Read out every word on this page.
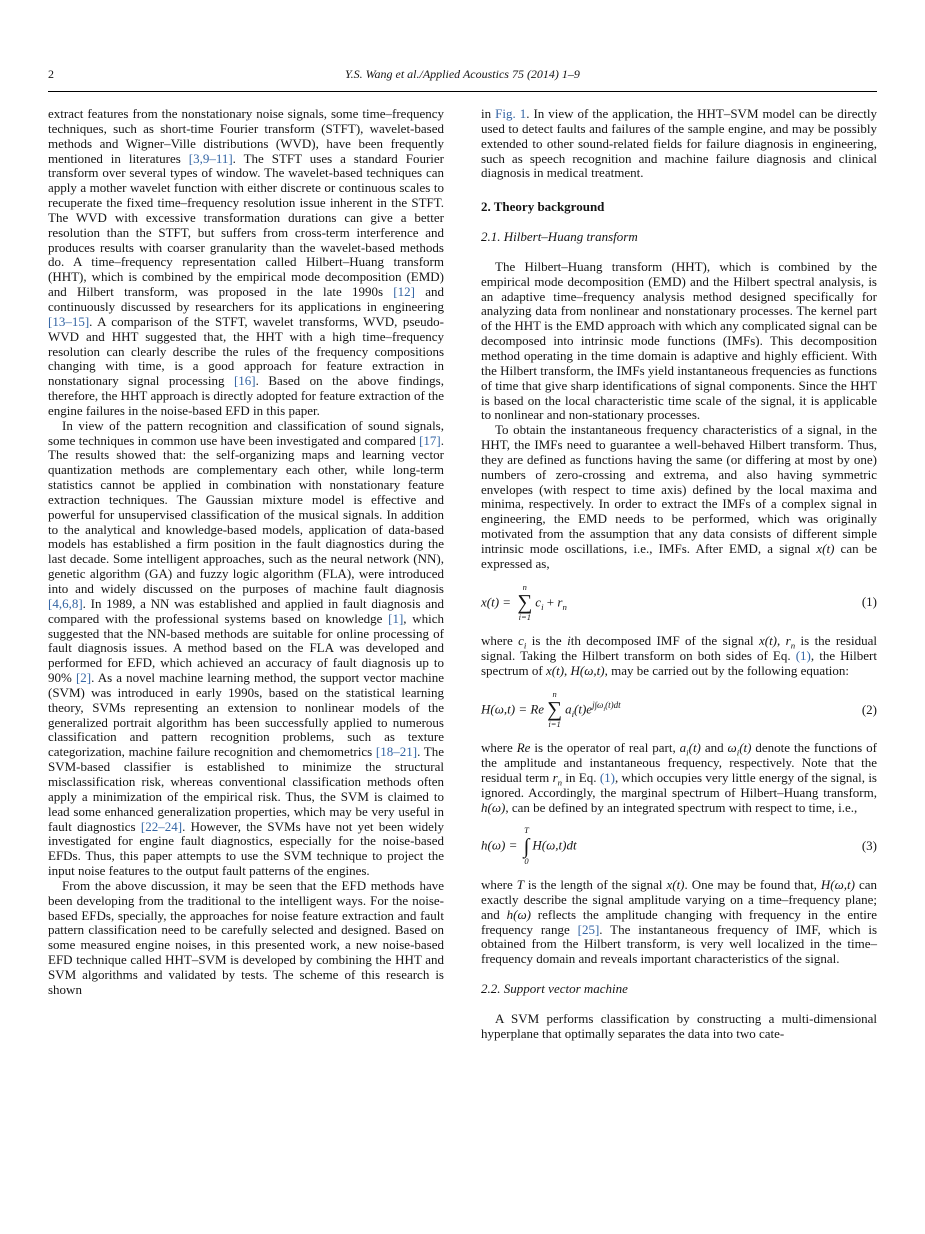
2	Y.S. Wang et al./Applied Acoustics 75 (2014) 1–9

extract features from the nonstationary noise signals, some time–frequency techniques, such as short-time Fourier transform (STFT), wavelet-based methods and Wigner–Ville distributions (WVD), have been frequently mentioned in literatures [3,9–11]. The STFT uses a standard Fourier transform over several types of window. The wavelet-based techniques can apply a mother wavelet function with either discrete or continuous scales to recuperate the fixed time–frequency resolution issue inherent in the STFT. The WVD with excessive transformation durations can give a better resolution than the STFT, but suffers from cross-term interference and produces results with coarser granularity than the wavelet-based methods do. A time–frequency representation called Hilbert–Huang transform (HHT), which is combined by the empirical mode decomposition (EMD) and Hilbert transform, was proposed in the late 1990s [12] and continuously discussed by researchers for its applications in engineering [13–15]. A comparison of the STFT, wavelet transforms, WVD, pseudo-WVD and HHT suggested that, the HHT with a high time–frequency resolution can clearly describe the rules of the frequency compositions changing with time, is a good approach for feature extraction in nonstationary signal processing [16]. Based on the above findings, therefore, the HHT approach is directly adopted for feature extraction of the engine failures in the noise-based EFD in this paper.

In view of the pattern recognition and classification of sound signals, some techniques in common use have been investigated and compared [17]. The results showed that: the self-organizing maps and learning vector quantization methods are complementary each other, while long-term statistics cannot be applied in combination with nonstationary feature extraction techniques. The Gaussian mixture model is effective and powerful for unsupervised classification of the musical signals. In addition to the analytical and knowledge-based models, application of data-based models has established a firm position in the fault diagnostics during the last decade. Some intelligent approaches, such as the neural network (NN), genetic algorithm (GA) and fuzzy logic algorithm (FLA), were introduced into and widely discussed on the purposes of machine fault diagnosis [4,6,8]. In 1989, a NN was established and applied in fault diagnosis and compared with the professional systems based on knowledge [1], which suggested that the NN-based methods are suitable for online processing of fault diagnosis issues. A method based on the FLA was developed and performed for EFD, which achieved an accuracy of fault diagnosis up to 90% [2]. As a novel machine learning method, the support vector machine (SVM) was introduced in early 1990s, based on the statistical learning theory, SVMs representing an extension to nonlinear models of the generalized portrait algorithm has been successfully applied to numerous classification and pattern recognition problems, such as texture categorization, machine failure recognition and chemometrics [18–21]. The SVM-based classifier is established to minimize the structural misclassification risk, whereas conventional classification methods often apply a minimization of the empirical risk. Thus, the SVM is claimed to lead some enhanced generalization properties, which may be very useful in fault diagnostics [22–24]. However, the SVMs have not yet been widely investigated for engine fault diagnostics, especially for the noise-based EFDs. Thus, this paper attempts to use the SVM technique to project the input noise features to the output fault patterns of the engines.

From the above discussion, it may be seen that the EFD methods have been developing from the traditional to the intelligent ways. For the noise-based EFDs, specially, the approaches for noise feature extraction and fault pattern classification need to be carefully selected and designed. Based on some measured engine noises, in this presented work, a new noise-based EFD technique called HHT–SVM is developed by combining the HHT and SVM algorithms and validated by tests. The scheme of this research is shown

in Fig. 1. In view of the application, the HHT–SVM model can be directly used to detect faults and failures of the sample engine, and may be possibly extended to other sound-related fields for failure diagnosis in engineering, such as speech recognition and machine failure diagnosis and clinical diagnosis in medical treatment.

2. Theory background
2.1. Hilbert–Huang transform

The Hilbert–Huang transform (HHT), which is combined by the empirical mode decomposition (EMD) and the Hilbert spectral analysis, is an adaptive time–frequency analysis method designed specifically for analyzing data from nonlinear and nonstationary processes. The kernel part of the HHT is the EMD approach with which any complicated signal can be decomposed into intrinsic mode functions (IMFs). This decomposition method operating in the time domain is adaptive and highly efficient. With the Hilbert transform, the IMFs yield instantaneous frequencies as functions of time that give sharp identifications of signal components. Since the HHT is based on the local characteristic time scale of the signal, it is applicable to nonlinear and non-stationary processes.

To obtain the instantaneous frequency characteristics of a signal, in the HHT, the IMFs need to guarantee a well-behaved Hilbert transform. Thus, they are defined as functions having the same (or differing at most by one) numbers of zero-crossing and extrema, and also having symmetric envelopes (with respect to time axis) defined by the local maxima and minima, respectively. In order to extract the IMFs of a complex signal in engineering, the EMD needs to be performed, which was originally motivated from the assumption that any data consists of different simple intrinsic mode oscillations, i.e., IMFs. After EMD, a signal x(t) can be expressed as,

x(t) =
n
∑
i=1
$c_i + r_n$	(1)

where $c_i$ is the ith decomposed IMF of the signal x(t), $r_n$ is the residual signal. Taking the Hilbert transform on both sides of Eq. (1), the Hilbert spectrum of x(t), H(ω,t), may be carried out by the following equation:

H(ω,t) = Re
n
∑
i=1
$a_i(t)e^{j\int\omega_i(t)dt}$	(2)

where Re is the operator of real part, $a_i(t)$ and $\omega_i(t)$ denote the functions of the amplitude and instantaneous frequency, respectively. Note that the residual term $r_n$ in Eq. (1), which occupies very little energy of the signal, is ignored. Accordingly, the marginal spectrum of Hilbert–Huang transform, h(ω), can be defined by an integrated spectrum with respect to time, i.e.,

h(ω) =
T
∫
0
H(ω,t)dt	(3)

where T is the length of the signal x(t). One may be found that, H(ω,t) can exactly describe the signal amplitude varying on a time–frequency plane; and h(ω) reflects the amplitude changing with frequency in the entire frequency range [25]. The instantaneous frequency of IMF, which is obtained from the Hilbert transform, is very well localized in the time–frequency domain and reveals important characteristics of the signal.

2.2. Support vector machine

A SVM performs classification by constructing a multi-dimensional hyperplane that optimally separates the data into two cate-
